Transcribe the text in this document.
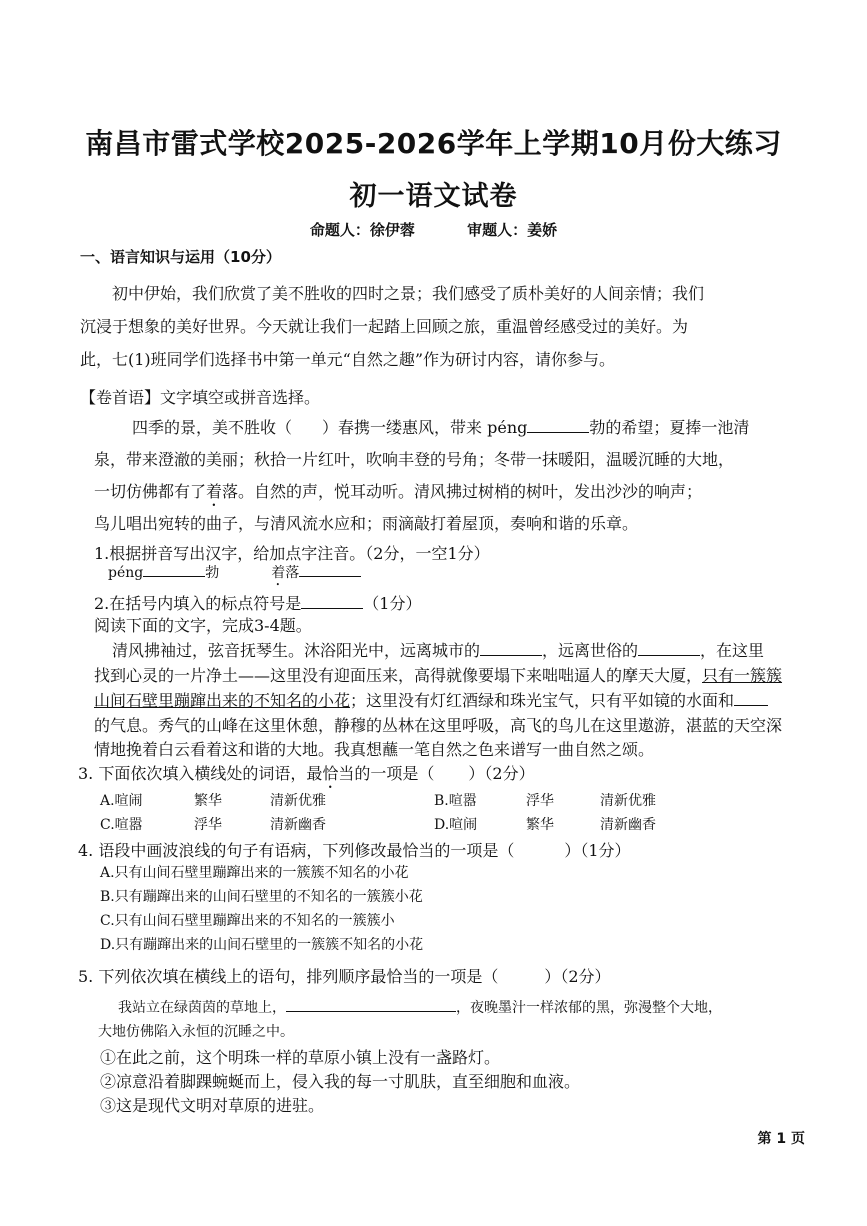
南昌市雷式学校2025-2026学年上学期10月份大练习
初一语文试卷
命题人：徐伊蓉	审题人：姜娇
一、语言知识与运用（10分）
初中伊始，我们欣赏了美不胜收的四时之景；我们感受了质朴美好的人间亲情；我们
沉浸于想象的美好世界。今天就让我们一起踏上回顾之旅，重温曾经感受过的美好。为
此，七(1)班同学们选择书中第一单元“自然之趣”作为研讨内容，请你参与。
【卷首语】文字填空或拼音选择。
四季的景，美不胜收（ ）春携一缕惠风，带来 péng	勃的希望；夏捧一池清
泉，带来澄澈的美丽；秋拾一片红叶，吹响丰登的号角；冬带一抹暖阳，温暖沉睡的大地，
一切仿佛都有了着落。自然的声，悦耳动听。清风拂过树梢的树叶，发出沙沙的响声；
鸟儿唱出宛转的曲子，与清风流水应和；雨滴敲打着屋顶，奏响和谐的乐章。
1.根据拼音写出汉字，给加点字注音。（2分，一空1分）
péng	勃	着落
2.在括号内填入的标点符号是	（1分）
阅读下面的文字，完成3-4题。
清风拂袖过，弦音抚琴生。沐浴阳光中，远离城市的	，远离世俗的	，在这里
找到心灵的一片净土——这里没有迎面压来，高得就像要塌下来咄咄逼人的摩天大厦，只有一簇簇
山间石壁里蹦蹿出来的不知名的小花；这里没有灯红酒绿和珠光宝气，只有平如镜的水面和
的气息。秀气的山峰在这里休憩，静穆的丛林在这里呼吸，高飞的鸟儿在这里遨游，湛蓝的天空深
情地挽着白云看着这和谐的大地。我真想蘸一笔自然之色来谱写一曲自然之颂。
3. 下面依次填入横线处的词语，最恰当的一项是（ ）（2分）
A.喧闹	繁华	清新优雅	B.喧嚣	浮华	清新优雅
C.喧嚣	浮华	清新幽香	D.喧闹	繁华	清新幽香
4. 语段中画波浪线的句子有语病，下列修改最恰当的一项是（	）（1分）
A.只有山间石壁里蹦蹿出来的一簇簇不知名的小花
B.只有蹦蹿出来的山间石壁里的不知名的一簇簇小花
C.只有山间石壁里蹦蹿出来的不知名的一簇簇小
D.只有蹦蹿出来的山间石壁里的一簇簇不知名的小花
5. 下列依次填在横线上的语句，排列顺序最恰当的一项是（	）（2分）
我站立在绿茵茵的草地上，	，夜晚墨汁一样浓郁的黑，弥漫整个大地，
大地仿佛陷入永恒的沉睡之中。
①在此之前，这个明珠一样的草原小镇上没有一盏路灯。
②凉意沿着脚踝蜿蜒而上，侵入我的每一寸肌肤，直至细胞和血液。
③这是现代文明对草原的进驻。
第 1 页
